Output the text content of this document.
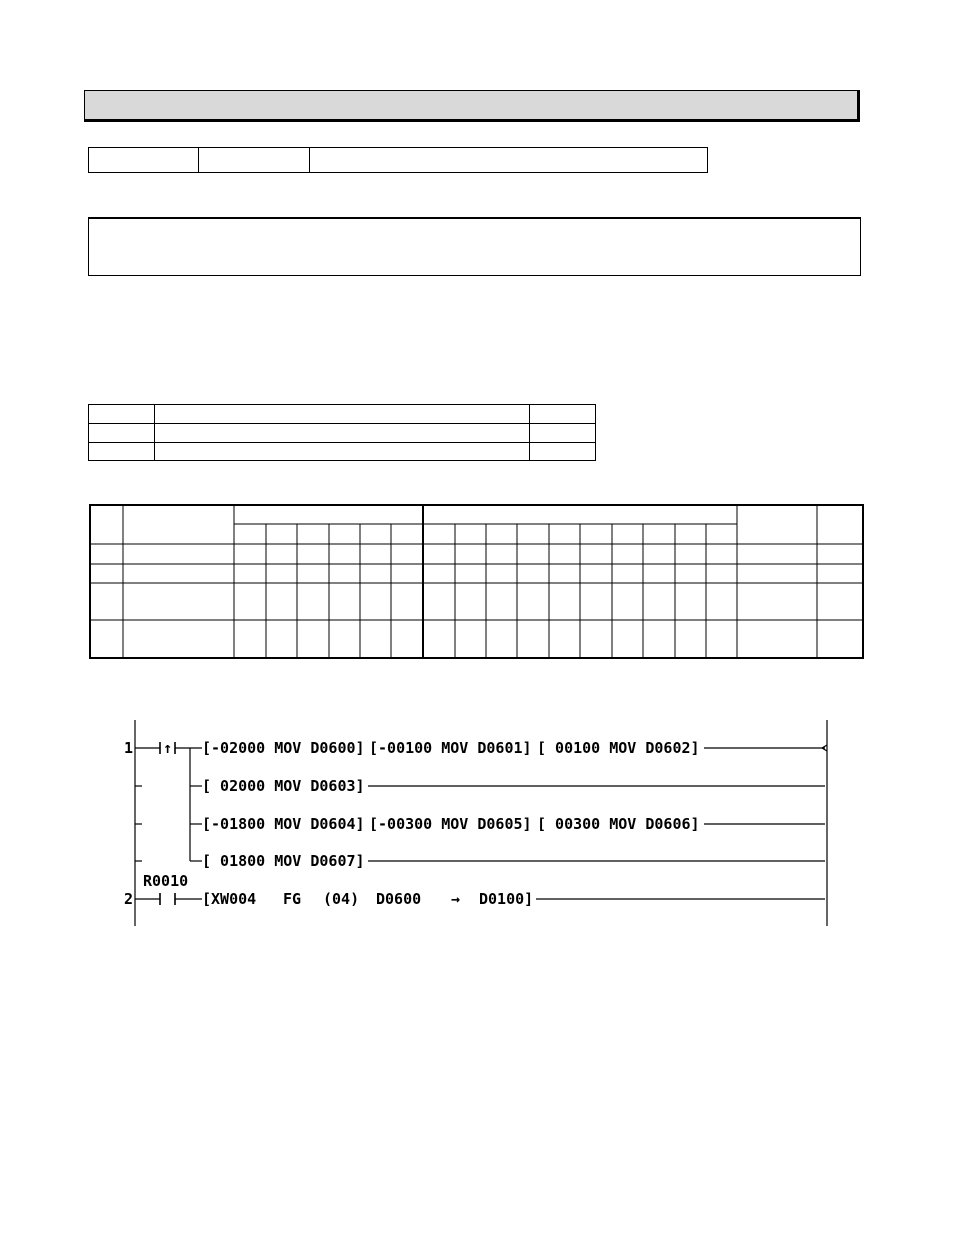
1 ↑ [-02000 MOV D0600] [-00100 MOV D0601] [ 00100 MOV D0602]
[ 02000 MOV D0603]
[-01800 MOV D0604] [-00300 MOV D0605] [ 00300 MOV D0606]
[ 01800 MOV D0607]
R0010
2	[XW004 FG (04) D0600 → D0100]
